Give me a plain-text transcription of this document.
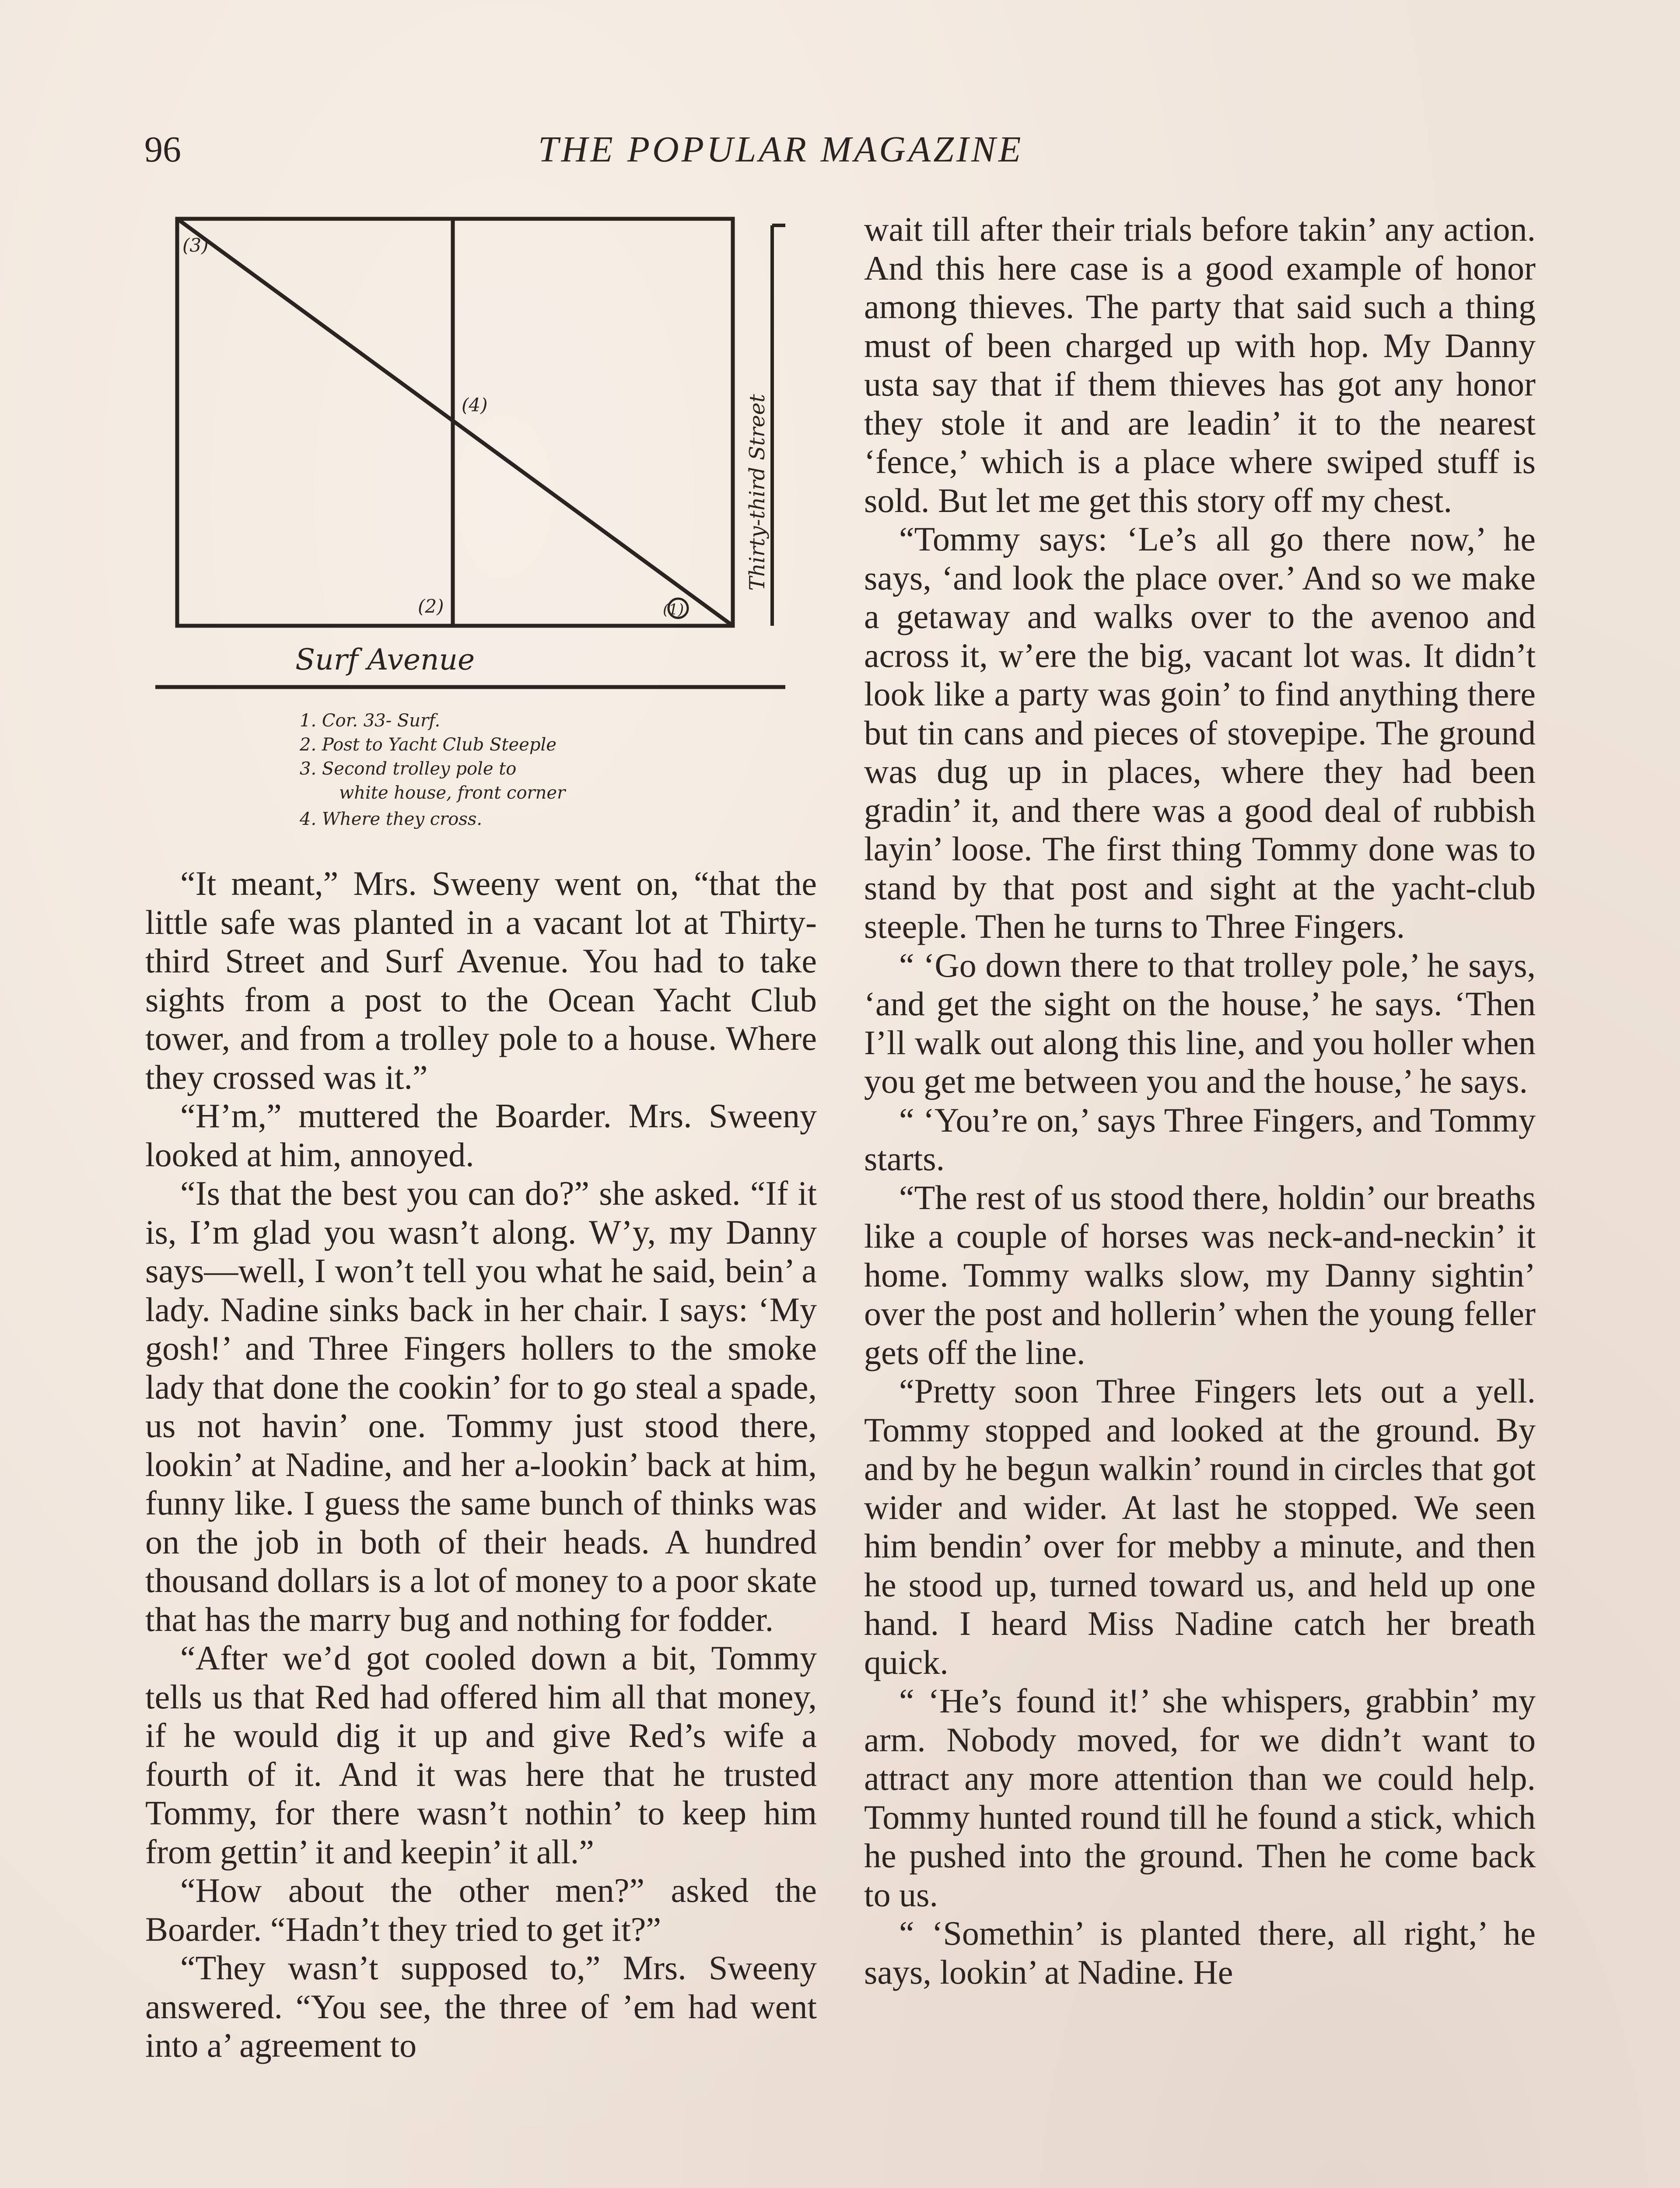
96	THE POPULAR MAGAZINE
(3)
(4)
(2)	(1)
Thirty-third Street
Surf Avenue
1. Cor. 33- Surf.
2. Post to Yacht Club Steeple
3. Second trolley pole to
white house, front corner
4. Where they cross.

“It meant,” Mrs. Sweeny went on, “that the little safe was planted in a vacant lot at Thirty-third Street and Surf Avenue. You had to take sights from a post to the Ocean Yacht Club tower, and from a trolley pole to a house. Where they crossed was it.”

“H’m,” muttered the Boarder. Mrs. Sweeny looked at him, annoyed.

“Is that the best you can do?” she asked. “If it is, I’m glad you wasn’t along. W’y, my Danny says—well, I won’t tell you what he said, bein’ a lady. Nadine sinks back in her chair. I says: ‘My gosh!’ and Three Fingers hollers to the smoke lady that done the cookin’ for to go steal a spade, us not havin’ one. Tommy just stood there, lookin’ at Nadine, and her a-lookin’ back at him, funny like. I guess the same bunch of thinks was on the job in both of their heads. A hundred thousand dollars is a lot of money to a poor skate that has the marry bug and nothing for fodder.

“After we’d got cooled down a bit, Tommy tells us that Red had offered him all that money, if he would dig it up and give Red’s wife a fourth of it. And it was here that he trusted Tommy, for there wasn’t nothin’ to keep him from gettin’ it and keepin’ it all.”

“How about the other men?” asked the Boarder. “Hadn’t they tried to get it?”

“They wasn’t supposed to,” Mrs. Sweeny answered. “You see, the three of ’em had went into a’ agreement to

wait till after their trials before takin’ any action. And this here case is a good example of honor among thieves. The party that said such a thing must of been charged up with hop. My Danny usta say that if them thieves has got any honor they stole it and are leadin’ it to the nearest ‘fence,’ which is a place where swiped stuff is sold. But let me get this story off my chest.

“Tommy says: ‘Le’s all go there now,’ he says, ‘and look the place over.’ And so we make a getaway and walks over to the avenoo and across it, w’ere the big, vacant lot was. It didn’t look like a party was goin’ to find anything there but tin cans and pieces of stovepipe. The ground was dug up in places, where they had been gradin’ it, and there was a good deal of rubbish layin’ loose. The first thing Tommy done was to stand by that post and sight at the yacht-club steeple. Then he turns to Three Fingers.

“ ‘Go down there to that trolley pole,’ he says, ‘and get the sight on the house,’ he says. ‘Then I’ll walk out along this line, and you holler when you get me between you and the house,’ he says.

“ ‘You’re on,’ says Three Fingers, and Tommy starts.

“The rest of us stood there, holdin’ our breaths like a couple of horses was neck-and-neckin’ it home. Tommy walks slow, my Danny sightin’ over the post and hollerin’ when the young feller gets off the line.

“Pretty soon Three Fingers lets out a yell. Tommy stopped and looked at the ground. By and by he begun walkin’ round in circles that got wider and wider. At last he stopped. We seen him bendin’ over for mebby a minute, and then he stood up, turned toward us, and held up one hand. I heard Miss Nadine catch her breath quick.

“ ‘He’s found it!’ she whispers, grabbin’ my arm. Nobody moved, for we didn’t want to attract any more attention than we could help. Tommy hunted round till he found a stick, which he pushed into the ground. Then he come back to us.

“ ‘Somethin’ is planted there, all right,’ he says, lookin’ at Nadine. He
